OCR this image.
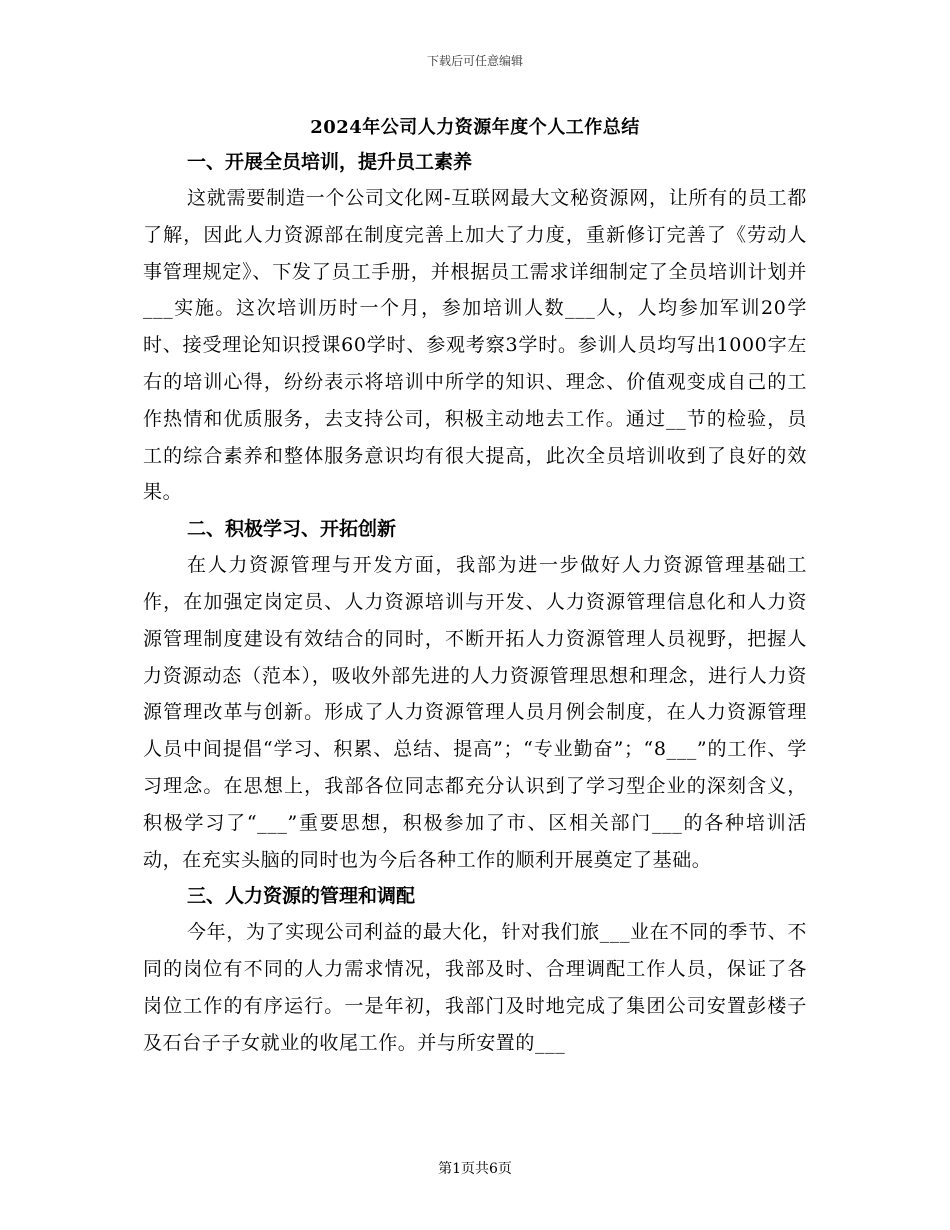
下载后可任意编辑
2024年公司人力资源年度个人工作总结

一、开展全员培训，提升员工素养

这就需要制造一个公司文化网-互联网最大文秘资源网，让所有的员工都了解，因此人力资源部在制度完善上加大了力度，重新修订完善了《劳动人事管理规定》、下发了员工手册，并根据员工需求详细制定了全员培训计划并___实施。这次培训历时一个月，参加培训人数___人，人均参加军训20学时、接受理论知识授课60学时、参观考察3学时。参训人员均写出1000字左右的培训心得，纷纷表示将培训中所学的知识、理念、价值观变成自己的工作热情和优质服务，去支持公司，积极主动地去工作。通过__节的检验，员工的综合素养和整体服务意识均有很大提高，此次全员培训收到了良好的效果。

二、积极学习、开拓创新

在人力资源管理与开发方面，我部为进一步做好人力资源管理基础工作，在加强定岗定员、人力资源培训与开发、人力资源管理信息化和人力资源管理制度建设有效结合的同时，不断开拓人力资源管理人员视野，把握人力资源动态（范本），吸收外部先进的人力资源管理思想和理念，进行人力资源管理改革与创新。形成了人力资源管理人员月例会制度，在人力资源管理人员中间提倡“学习、积累、总结、提高”；“专业勤奋”；“8___”的工作、学习理念。在思想上，我部各位同志都充分认识到了学习型企业的深刻含义，积极学习了“___”重要思想，积极参加了市、区相关部门___的各种培训活动，在充实头脑的同时也为今后各种工作的顺利开展奠定了基础。

三、人力资源的管理和调配

今年，为了实现公司利益的最大化，针对我们旅___业在不同的季节、不同的岗位有不同的人力需求情况，我部及时、合理调配工作人员，保证了各岗位工作的有序运行。一是年初，我部门及时地完成了集团公司安置彭楼子及石台子子女就业的收尾工作。并与所安置的___

第1页共6页
